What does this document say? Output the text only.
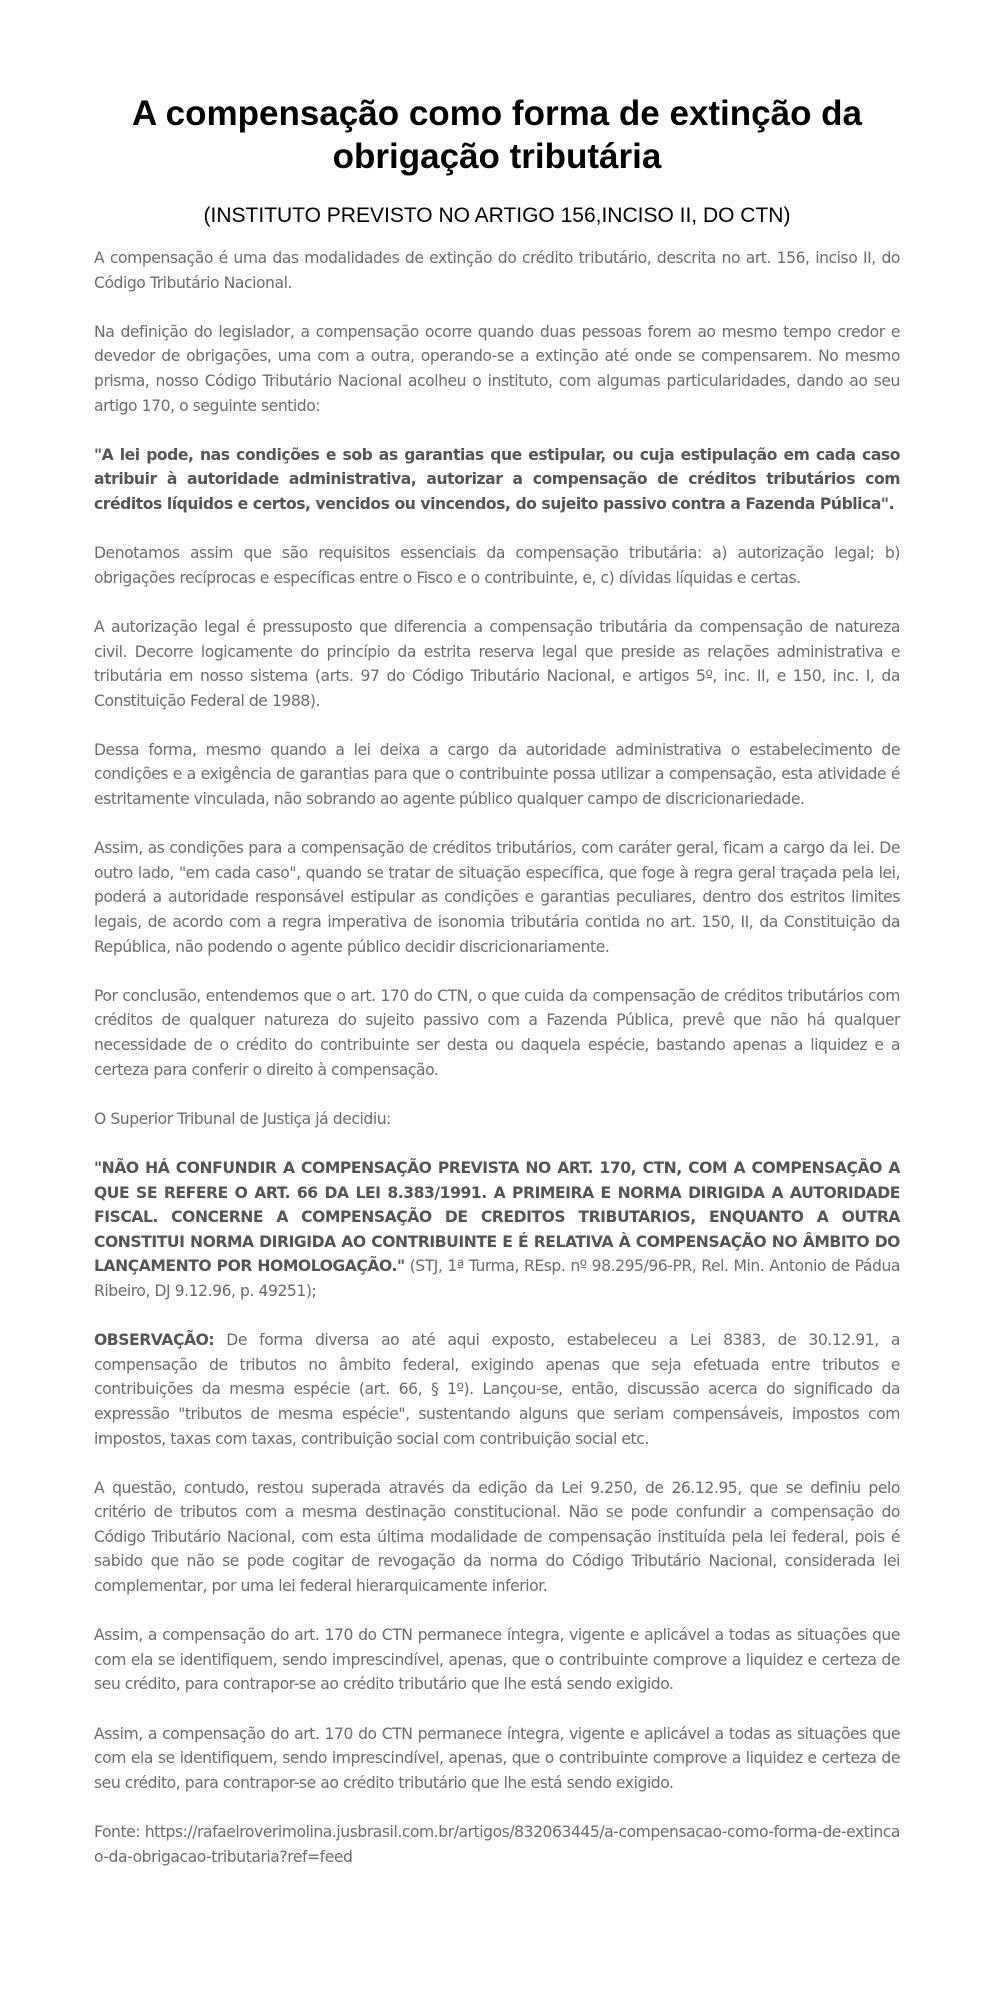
A compensação como forma de extinção da obrigação tributária
(INSTITUTO PREVISTO NO ARTIGO 156,INCISO II, DO CTN)

A compensação é uma das modalidades de extinção do crédito tributário, descrita no art. 156, inciso II, do Código Tributário Nacional.

Na definição do legislador, a compensação ocorre quando duas pessoas forem ao mesmo tempo credor e devedor de obrigações, uma com a outra, operando-se a extinção até onde se compensarem. No mesmo prisma, nosso Código Tributário Nacional acolheu o instituto, com algumas particularidades, dando ao seu artigo 170, o seguinte sentido:

"A lei pode, nas condições e sob as garantias que estipular, ou cuja estipulação em cada caso atribuir à autoridade administrativa, autorizar a compensação de créditos tributários com créditos líquidos e certos, vencidos ou vincendos, do sujeito passivo contra a Fazenda Pública".

Denotamos assim que são requisitos essenciais da compensação tributária: a) autorização legal; b) obrigações recíprocas e específicas entre o Fisco e o contribuinte, e, c) dívidas líquidas e certas.

A autorização legal é pressuposto que diferencia a compensação tributária da compensação de natureza civil. Decorre logicamente do princípio da estrita reserva legal que preside as relações administrativa e tributária em nosso sistema (arts. 97 do Código Tributário Nacional, e artigos 5º, inc. II, e 150, inc. I, da Constituição Federal de 1988).

Dessa forma, mesmo quando a lei deixa a cargo da autoridade administrativa o estabelecimento de condições e a exigência de garantias para que o contribuinte possa utilizar a compensação, esta atividade é estritamente vinculada, não sobrando ao agente público qualquer campo de discricionariedade.

Assim, as condições para a compensação de créditos tributários, com caráter geral, ficam a cargo da lei. De outro lado, "em cada caso", quando se tratar de situação específica, que foge à regra geral traçada pela lei, poderá a autoridade responsável estipular as condições e garantias peculiares, dentro dos estritos limites legais, de acordo com a regra imperativa de isonomia tributária contida no art. 150, II, da Constituição da República, não podendo o agente público decidir discricionariamente.

Por conclusão, entendemos que o art. 170 do CTN, o que cuida da compensação de créditos tributários com créditos de qualquer natureza do sujeito passivo com a Fazenda Pública, prevê que não há qualquer necessidade de o crédito do contribuinte ser desta ou daquela espécie, bastando apenas a liquidez e a certeza para conferir o direito à compensação.

O Superior Tribunal de Justiça já decidiu:

"NÃO HÁ CONFUNDIR A COMPENSAÇÃO PREVISTA NO ART. 170, CTN, COM A COMPENSAÇÃO A QUE SE REFERE O ART. 66 DA LEI 8.383/1991. A PRIMEIRA E NORMA DIRIGIDA A AUTORIDADE FISCAL. CONCERNE A COMPENSAÇÃO DE CREDITOS TRIBUTARIOS, ENQUANTO A OUTRA CONSTITUI NORMA DIRIGIDA AO CONTRIBUINTE E É RELATIVA À COMPENSAÇÃO NO ÂMBITO DO LANÇAMENTO POR HOMOLOGAÇÃO." (STJ, 1ª Turma, REsp. nº 98.295/96-PR, Rel. Min. Antonio de Pádua Ribeiro, DJ 9.12.96, p. 49251);

OBSERVAÇÃO: De forma diversa ao até aqui exposto, estabeleceu a Lei 8383, de 30.12.91, a compensação de tributos no âmbito federal, exigindo apenas que seja efetuada entre tributos e contribuições da mesma espécie (art. 66, § 1º). Lançou-se, então, discussão acerca do significado da expressão "tributos de mesma espécie", sustentando alguns que seriam compensáveis, impostos com impostos, taxas com taxas, contribuição social com contribuição social etc.

A questão, contudo, restou superada através da edição da Lei 9.250, de 26.12.95, que se definiu pelo critério de tributos com a mesma destinação constitucional. Não se pode confundir a compensação do Código Tributário Nacional, com esta última modalidade de compensação instituída pela lei federal, pois é sabido que não se pode cogitar de revogação da norma do Código Tributário Nacional, considerada lei complementar, por uma lei federal hierarquicamente inferior.

Assim, a compensação do art. 170 do CTN permanece íntegra, vigente e aplicável a todas as situações que com ela se identifiquem, sendo imprescindível, apenas, que o contribuinte comprove a liquidez e certeza de seu crédito, para contrapor-se ao crédito tributário que lhe está sendo exigido.

Assim, a compensação do art. 170 do CTN permanece íntegra, vigente e aplicável a todas as situações que com ela se identifiquem, sendo imprescindível, apenas, que o contribuinte comprove a liquidez e certeza de seu crédito, para contrapor-se ao crédito tributário que lhe está sendo exigido.

Fonte: https://rafaelroverimolina.jusbrasil.com.br/artigos/832063445/a-compensacao-como-forma-de-extincao-da-obrigacao-tributaria?ref=feed
